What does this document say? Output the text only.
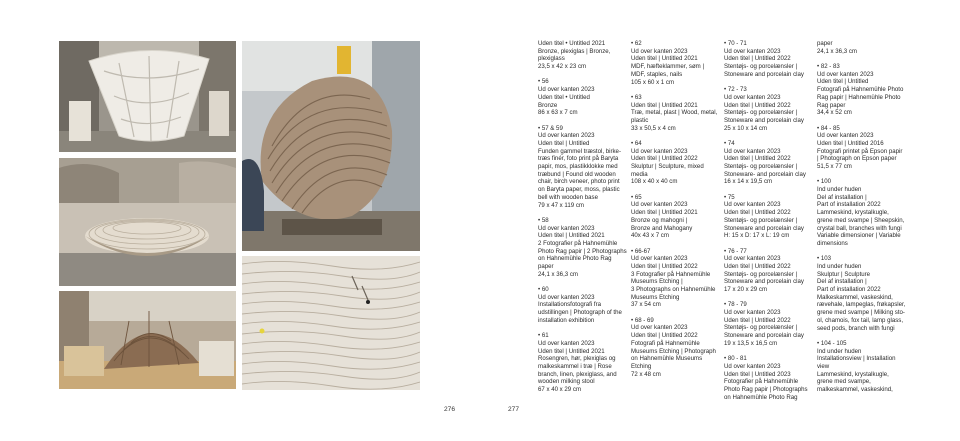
276
Uden titel • Untitled 2021
Bronze, plexiglas | Bronze,
plexiglass
23,5 x 42 x 23 cm
• 56
Ud over kanten 2023
Uden titel • Untitled
Bronze
86 x 63 x 7 cm
• 57 & 59
Ud over kanten 2023
Uden titel | Untitled
Funden gammel træstol, birke-
træs finér, foto print på Baryta
papir, mos, plastikklokke med
træbund | Found old wooden
chair, birch veneer, photo print
on Baryta paper, moss, plastic
bell with wooden base
79 x 47 x 119 cm
• 58
Ud over kanten 2023
Uden titel | Untitled 2021
2 Fotografier på Hahnemühle
Photo Rag papir | 2 Photographs
on Hahnemühle Photo Rag
paper
24,1 x 36,3 cm
• 60
Ud over kanten 2023
Installationsfotografi fra
udstillingen | Photograph of the
installation exhibition
• 61
Ud over kanten 2023
Uden titel | Untitled 2021
Rosengren, hør, plexiglas og
malkeskammel i træ | Rose
branch, linen, plexiglass, and
wooden milking stool
67 x 40 x 29 cm
• 62
Ud over kanten 2023
Uden titel | Untitled 2021
MDF, hæfteklammer, søm |
MDF, staples, nails
105 x 60 x 1 cm
• 63
Uden titel | Untitled 2021
Træ, metal, plast | Wood, metal,
plastic
33 x 50,5 x 4 cm
• 64
Ud over kanten 2023
Uden titel | Untitled 2022
Skulptur | Sculpture, mixed
media
108 x 40 x 40 cm
• 65
Ud over kanten 2023
Uden titel | Untitled 2021
Bronze og mahogni |
Bronze and Mahogany
40x 43 x 7 cm
• 66-67
Ud over kanten 2023
Uden titel | Untitled 2022
3 Fotografier på Hahnemühle
Museums Etching |
3 Photographs on Hahnemühle
Museums Etching
37 x 54 cm
• 68 - 69
Ud over kanten 2023
Uden titel | Untitled 2022
Fotografi på Hahnemühle
Museums Etching | Photograph
on Hahnemühle Museums
Etching
72 x 48 cm
• 70 - 71
Ud over kanten 2023
Uden titel | Untitled 2022
Stentøjs- og porcelænsler |
Stoneware and porcelain clay
• 72 - 73
Ud over kanten 2023
Uden titel | Untitled 2022
Stentøjs- og porcelænsler |
Stoneware and porcelain clay
25 x 10 x 14 cm
• 74
Ud over kanten 2023
Uden titel | Untitled 2022
Stentøjs- og porcelænsler |
Stoneware- and porcelain clay
16 x 14 x 19,5 cm
• 75
Ud over kanten 2023
Uden titel | Untitled 2022
Stentøjs- og porcelænsler |
Stoneware and porcelain clay
H: 15 x D: 17 x L: 19 cm
• 76 - 77
Ud over kanten 2023
Uden titel | Untitled 2022
Stentøjs- og porcelænsler |
Stoneware and porcelain clay
17 x 20 x 29 cm
• 78 - 79
Ud over kanten 2023
Uden titel | Untitled 2022
Stentøjs- og porcelænsler |
Stoneware and porcelain clay
19 x 13,5 x 16,5 cm
• 80 - 81
Ud over kanten 2023
Uden titel | Untitled 2023
Fotografier på Hahnemühle
Photo Rag papir | Photographs
on Hahnemühle Photo Rag
paper
24,1 x 36,3 cm
• 82 - 83
Ud over kanten 2023
Uden titel | Untitled
Fotografi på Hahnemühle Photo
Rag papir | Hahnemühle Photo
Rag paper
34,4 x 52 cm
• 84 - 85
Ud over kanten 2023
Uden titel | Untitled 2016
Fotografi printet på Epson papir
| Photograph on Epson paper
51,5 x 77 cm
• 100
Ind under huden
Del af installation |
Part of installation 2022
Lammeskind, krystalkugle,
grene med svampe | Sheepskin,
crystal ball, branches with fungi
Variable dimensioner | Variable
dimensions
• 103
Ind under huden
Skulptur | Sculpture
Del af installation |
Part of installation 2022
Malkeskammel, vaskeskind,
rævehale, lampeglas, frøkapsler,
grene med svampe | Milking sto-
ol, chamois, fox tail, lamp glass,
seed pods, branch with fungi
• 104 - 105
Ind under huden
Installationsview | Installation
view
Lammeskind, krystalkugle,
grene med svampe,
malkeskammel, vaskeskind,
277
